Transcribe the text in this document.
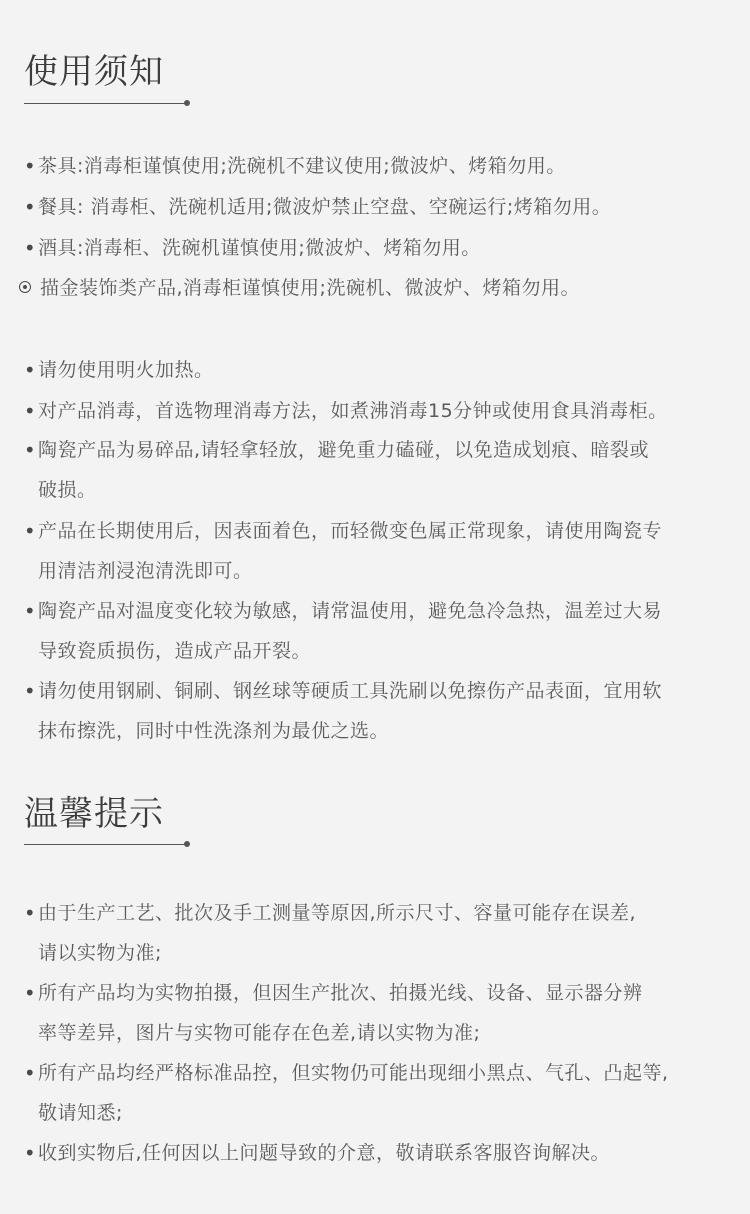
使用须知
• 茶具:消毒柜谨慎使用;洗碗机不建议使用;微波炉、烤箱勿用。
• 餐具: 消毒柜、洗碗机适用;微波炉禁止空盘、空碗运行;烤箱勿用。
• 酒具:消毒柜、洗碗机谨慎使用;微波炉、烤箱勿用。
描金装饰类产品,消毒柜谨慎使用;洗碗机、微波炉、烤箱勿用。
• 请勿使用明火加热。
• 对产品消毒，首选物理消毒方法，如煮沸消毒15分钟或使用食具消毒柜。
• 陶瓷产品为易碎品,请轻拿轻放，避免重力磕碰，以免造成划痕、暗裂或
破损。
• 产品在长期使用后，因表面着色，而轻微变色属正常现象，请使用陶瓷专
用清洁剂浸泡清洗即可。
• 陶瓷产品对温度变化较为敏感，请常温使用，避免急冷急热，温差过大易
导致瓷质损伤，造成产品开裂。
• 请勿使用钢刷、铜刷、钢丝球等硬质工具洗刷以免擦伤产品表面，宜用软
抹布擦洗，同时中性洗涤剂为最优之选。
温馨提示
• 由于生产工艺、批次及手工测量等原因,所示尺寸、容量可能存在误差,
请以实物为准;
• 所有产品均为实物拍摄，但因生产批次、拍摄光线、设备、显示器分辨
率等差异，图片与实物可能存在色差,请以实物为准;
• 所有产品均经严格标准品控，但实物仍可能出现细小黑点、气孔、凸起等,
敬请知悉;
• 收到实物后,任何因以上问题导致的介意，敬请联系客服咨询解决。
